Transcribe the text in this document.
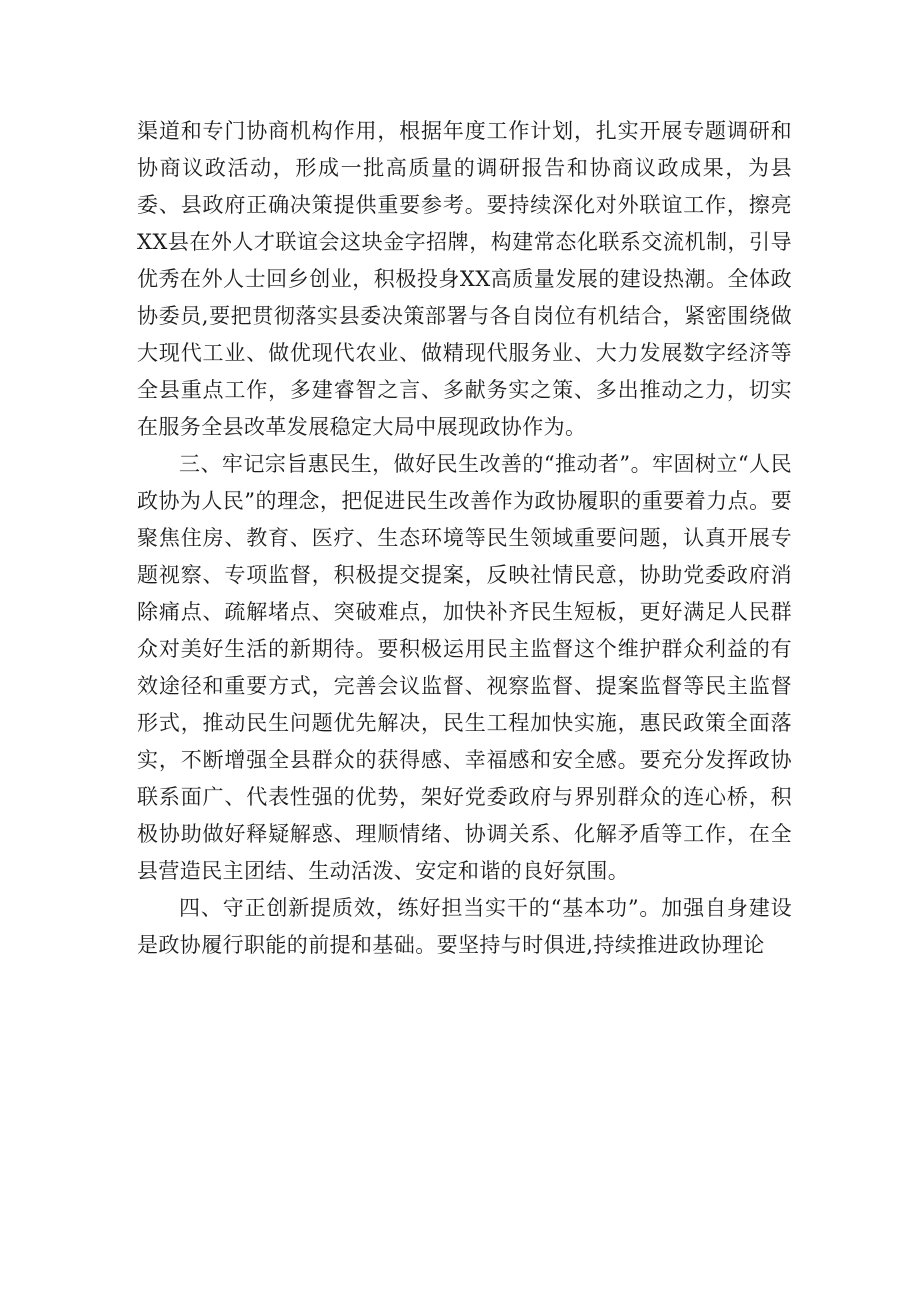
渠道和专门协商机构作用，根据年度工作计划，扎实开展专题调研和协商议政活动，形成一批高质量的调研报告和协商议政成果，为县委、县政府正确决策提供重要参考。要持续深化对外联谊工作，擦亮XX县在外人才联谊会这块金字招牌，构建常态化联系交流机制，引导优秀在外人士回乡创业，积极投身XX高质量发展的建设热潮。全体政协委员,要把贯彻落实县委决策部署与各自岗位有机结合，紧密围绕做大现代工业、做优现代农业、做精现代服务业、大力发展数字经济等全县重点工作，多建睿智之言、多献务实之策、多出推动之力，切实在服务全县改革发展稳定大局中展现政协作为。

三、牢记宗旨惠民生，做好民生改善的“推动者”。牢固树立“人民政协为人民”的理念，把促进民生改善作为政协履职的重要着力点。要聚焦住房、教育、医疗、生态环境等民生领域重要问题，认真开展专题视察、专项监督，积极提交提案，反映社情民意，协助党委政府消除痛点、疏解堵点、突破难点，加快补齐民生短板，更好满足人民群众对美好生活的新期待。要积极运用民主监督这个维护群众利益的有效途径和重要方式，完善会议监督、视察监督、提案监督等民主监督形式，推动民生问题优先解决，民生工程加快实施，惠民政策全面落实，不断增强全县群众的获得感、幸福感和安全感。要充分发挥政协联系面广、代表性强的优势，架好党委政府与界别群众的连心桥，积极协助做好释疑解惑、理顺情绪、协调关系、化解矛盾等工作，在全县营造民主团结、生动活泼、安定和谐的良好氛围。

四、守正创新提质效，练好担当实干的“基本功”。加强自身建设是政协履行职能的前提和基础。要坚持与时俱进,持续推进政协理论
